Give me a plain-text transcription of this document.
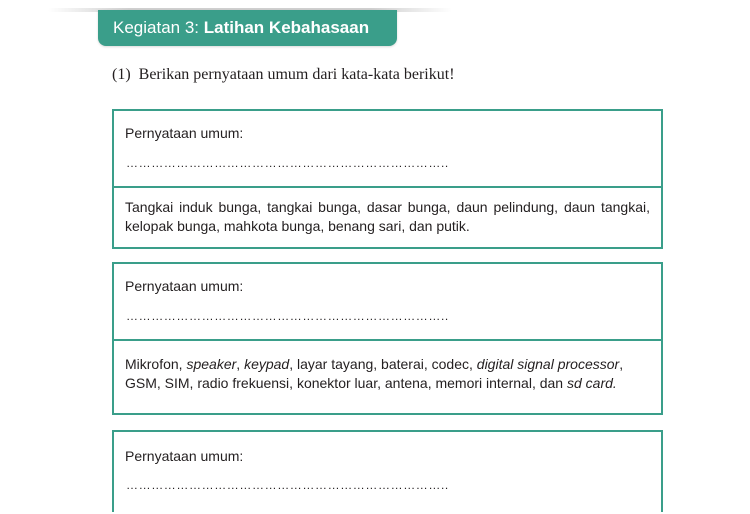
Kegiatan 3: Latihan Kebahasaan
(1) Berikan pernyataan umum dari kata-kata berikut!
Pernyataan umum:
…………………………………………………………………..
Tangkai induk bunga, tangkai bunga, dasar bunga, daun pelindung, daun tangkai, kelopak bunga, mahkota bunga, benang sari, dan putik.
Pernyataan umum:
…………………………………………………………………..
Mikrofon, speaker, keypad, layar tayang, baterai, codec, digital signal processor, GSM, SIM, radio frekuensi, konektor luar, antena, memori internal, dan sd card.
Pernyataan umum:
…………………………………………………………………..
